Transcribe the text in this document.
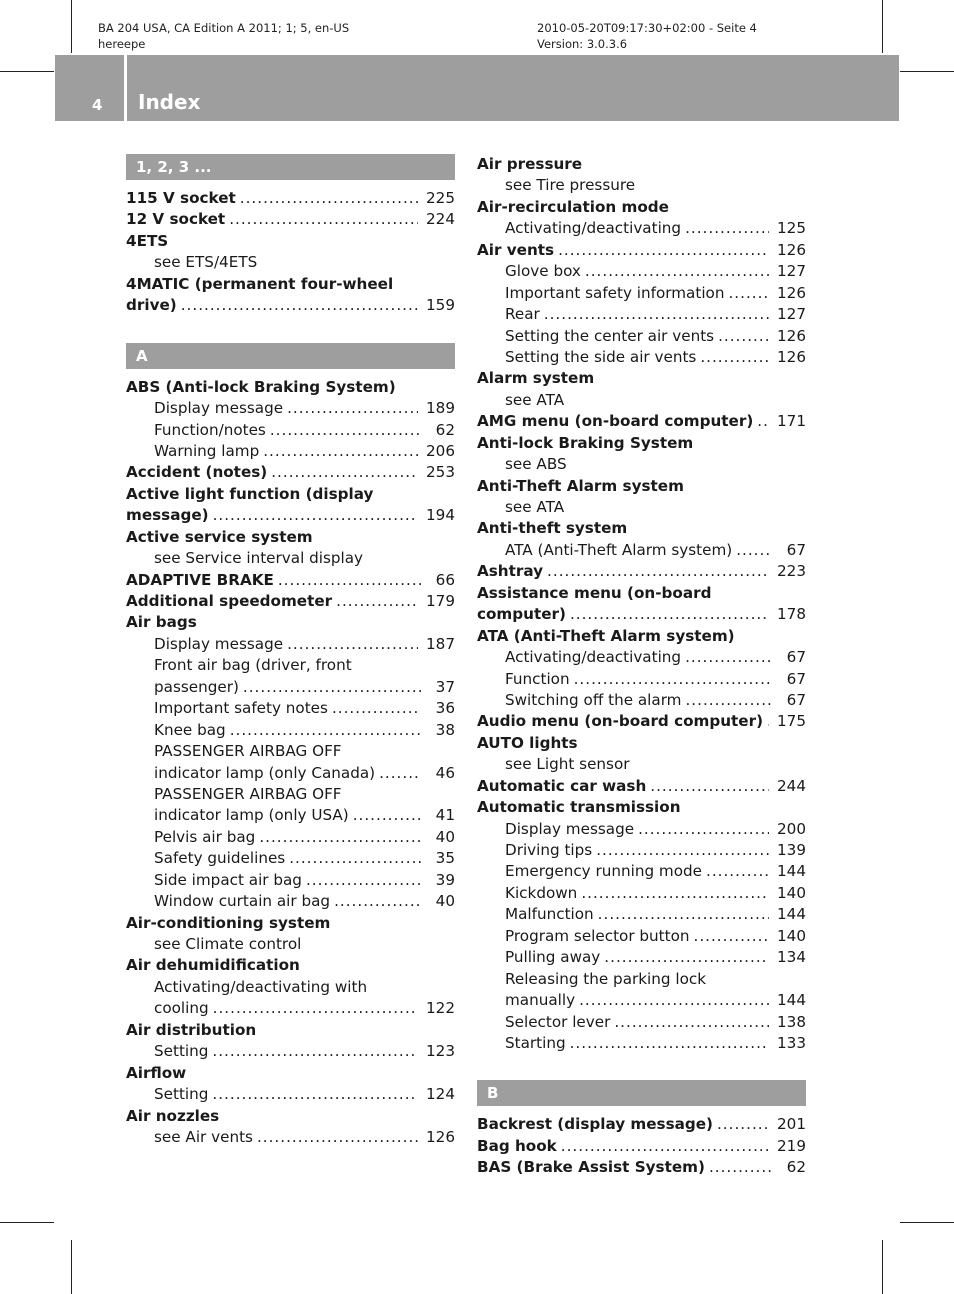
BA 204 USA, CA Edition A 2011; 1; 5, en-US
hereepe
2010-05-20T09:17:30+02:00 - Seite 4
Version: 3.0.3.6
4 Index
1, 2, 3 ...
115 V socket .....	225
12 V socket .....	224
4ETS
see ETS/4ETS
4MATIC (permanent four-wheel
drive) .....	159
A
ABS (Anti-lock Braking System)
Display message .....	189
Function/notes .....	62
Warning lamp .....	206
Accident (notes) .....	253
Active light function (display
message) .....	194
Active service system
see Service interval display
ADAPTIVE BRAKE .....	66
Additional speedometer .....	179
Air bags
Display message .....	187
Front air bag (driver, front
passenger) .....	37
Important safety notes .....	36
Knee bag .....	38
PASSENGER AIRBAG OFF
indicator lamp (only Canada) .....	46
PASSENGER AIRBAG OFF
indicator lamp (only USA) .....	41
Pelvis air bag .....	40
Safety guidelines .....	35
Side impact air bag .....	39
Window curtain air bag .....	40
Air-conditioning system
see Climate control
Air dehumidification
Activating/deactivating with
cooling .....	122
Air distribution
Setting .....	123
Airflow
Setting .....	124
Air nozzles
see Air vents .....	126
Air pressure
see Tire pressure
Air-recirculation mode
Activating/deactivating .....	125
Air vents .....	126
Glove box .....	127
Important safety information .....	126
Rear .....	127
Setting the center air vents .....	126
Setting the side air vents .....	126
Alarm system
see ATA
AMG menu (on-board computer) ..... 171
Anti-lock Braking System
see ABS
Anti-Theft Alarm system
see ATA
Anti-theft system
ATA (Anti-Theft Alarm system) .....	67
Ashtray .....	223
Assistance menu (on-board
computer) .....	178
ATA (Anti-Theft Alarm system)
Activating/deactivating .....	67
Function .....	67
Switching off the alarm .....	67
Audio menu (on-board computer) ..... 175
AUTO lights
see Light sensor
Automatic car wash .....	244
Automatic transmission
Display message .....	200
Driving tips .....	139
Emergency running mode .....	144
Kickdown .....	140
Malfunction .....	144
Program selector button .....	140
Pulling away .....	134
Releasing the parking lock
manually .....	144
Selector lever .....	138
Starting .....	133
B
Backrest (display message) .....	201
Bag hook .....	219
BAS (Brake Assist System) .....	62
